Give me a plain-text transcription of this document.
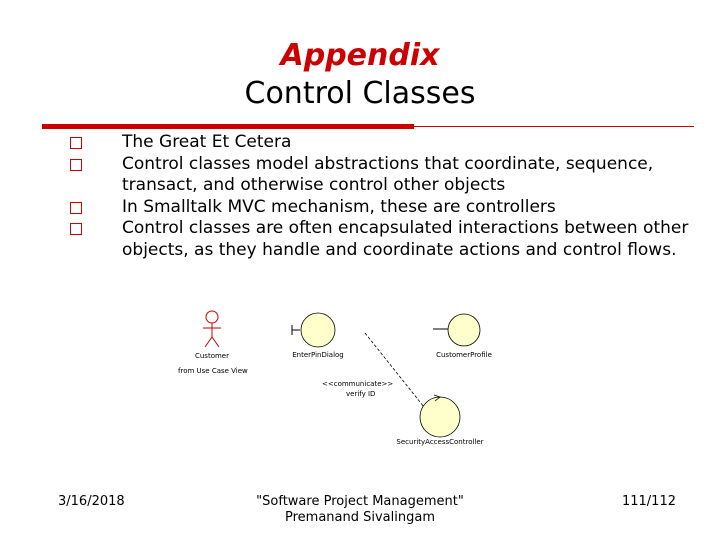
Appendix
Control Classes
The Great Et Cetera
Control classes model abstractions that coordinate, sequence, transact, and otherwise control other objects
In Smalltalk MVC mechanism, these are controllers
Control classes are often encapsulated interactions between other objects, as they handle and coordinate actions and control flows.
Customer
from Use Case View
EnterPinDialog	CustomerProfile
<<communicate>>
verify ID
SecurityAccessController
3/16/2018	"Software Project Management"
Premanand Sivalingam
111/112
